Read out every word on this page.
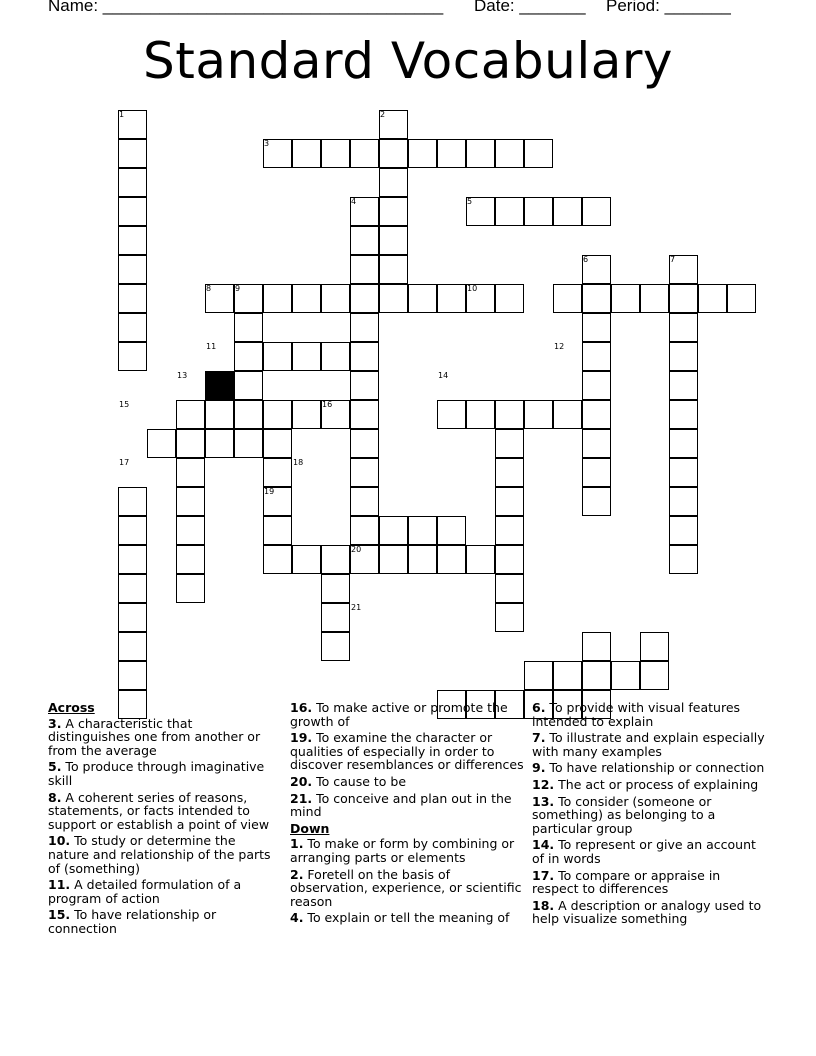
Name: ____________________________________ Date: _______ Period: _______
Standard Vocabulary
1	2
3
4	5
6	7
8	9	10
11	12
13	14
15	16
17	18
19
20
21
Across
3. A characteristic that distinguishes one from another or from the average
5. To produce through imaginative skill
8. A coherent series of reasons, statements, or facts intended to support or establish a point of view
10. To study or determine the nature and relationship of the parts of (something)
11. A detailed formulation of a program of action
15. To have relationship or connection
16. To make active or promote the growth of
19. To examine the character or qualities of especially in order to discover resemblances or differences
20. To cause to be
21. To conceive and plan out in the mind
Down
1. To make or form by combining or arranging parts or elements
2. Foretell on the basis of observation, experience, or scientific reason
4. To explain or tell the meaning of
6. To provide with visual features intended to explain
7. To illustrate and explain especially with many examples
9. To have relationship or connection
12. The act or process of explaining
13. To consider (someone or something) as belonging to a particular group
14. To represent or give an account of in words
17. To compare or appraise in respect to differences
18. A description or analogy used to help visualize something
